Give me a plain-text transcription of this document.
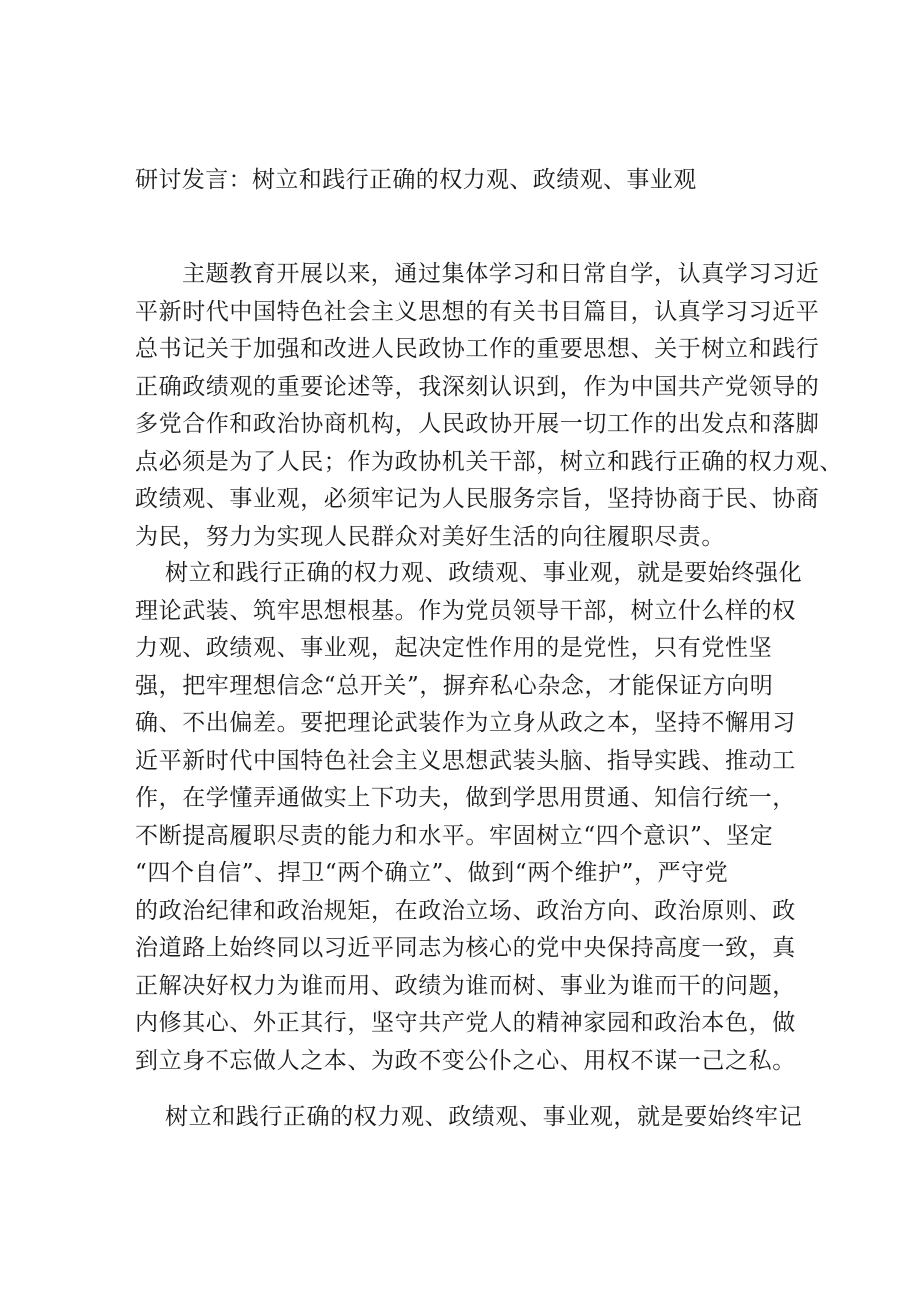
研讨发言：树立和践行正确的权力观、政绩观、事业观
主题教育开展以来，通过集体学习和日常自学，认真学习习近
平新时代中国特色社会主义思想的有关书目篇目，认真学习习近平
总书记关于加强和改进人民政协工作的重要思想、关于树立和践行
正确政绩观的重要论述等，我深刻认识到，作为中国共产党领导的
多党合作和政治协商机构，人民政协开展一切工作的出发点和落脚
点必须是为了人民；作为政协机关干部，树立和践行正确的权力观、
政绩观、事业观，必须牢记为人民服务宗旨，坚持协商于民、协商
为民，努力为实现人民群众对美好生活的向往履职尽责。
树立和践行正确的权力观、政绩观、事业观，就是要始终强化
理论武装、筑牢思想根基。作为党员领导干部，树立什么样的权
力观、政绩观、事业观，起决定性作用的是党性，只有党性坚
强，把牢理想信念“总开关”，摒弃私心杂念，才能保证方向明
确、不出偏差。要把理论武装作为立身从政之本，坚持不懈用习
近平新时代中国特色社会主义思想武装头脑、指导实践、推动工
作，在学懂弄通做实上下功夫，做到学思用贯通、知信行统一，
不断提高履职尽责的能力和水平。牢固树立“四个意识”、坚定
“四个自信”、捍卫“两个确立”、做到“两个维护”，严守党
的政治纪律和政治规矩，在政治立场、政治方向、政治原则、政
治道路上始终同以习近平同志为核心的党中央保持高度一致，真
正解决好权力为谁而用、政绩为谁而树、事业为谁而干的问题，
内修其心、外正其行，坚守共产党人的精神家园和政治本色，做
到立身不忘做人之本、为政不变公仆之心、用权不谋一己之私。
树立和践行正确的权力观、政绩观、事业观，就是要始终牢记
